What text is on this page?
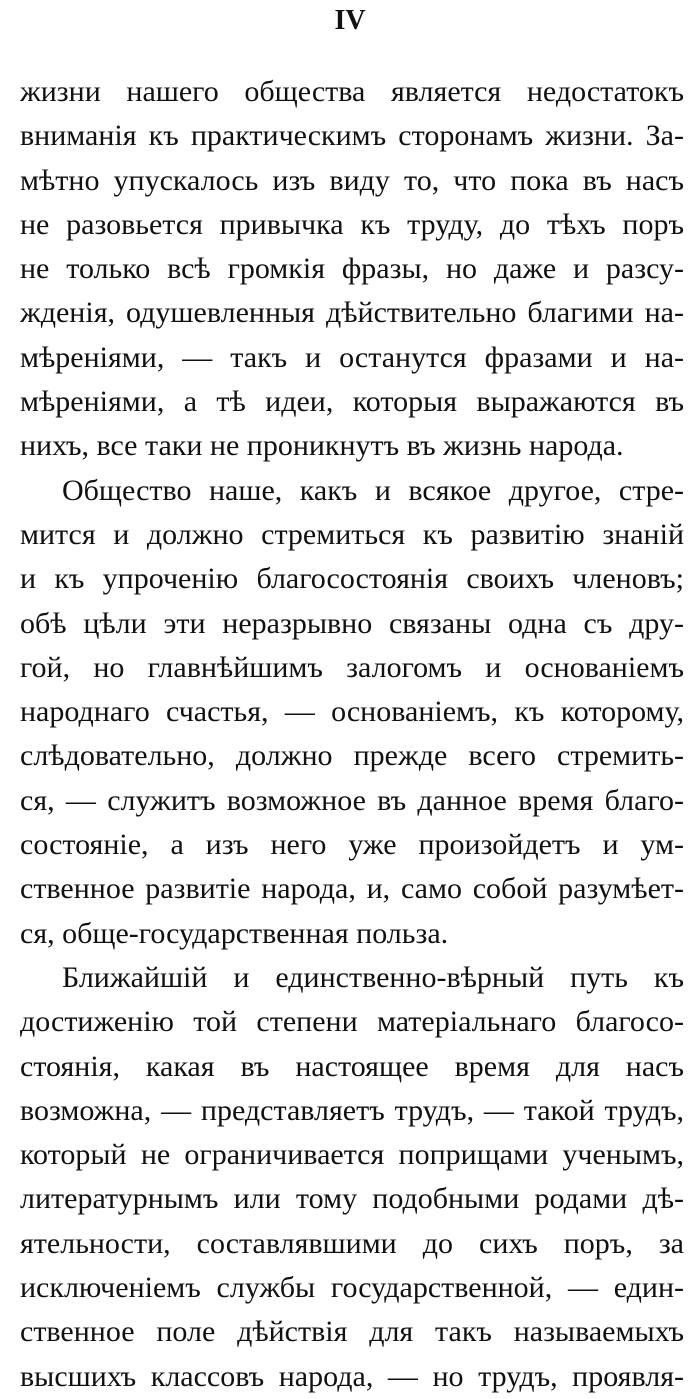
IV
жизни нашего общества является недостатокъ
вниманія къ практическимъ сторонамъ жизни. За-
мѣтно упускалось изъ виду то, что пока въ насъ
не разовьется привычка къ труду, до тѣхъ поръ
не только всѣ громкія фразы, но даже и разсу-
жденія, одушевленныя дѣйствительно благими на-
мѣреніями, — такъ и останутся фразами и на-
мѣреніями, а тѣ идеи, которыя выражаются въ
нихъ, все таки не проникнутъ въ жизнь народа.
Общество наше, какъ и всякое другое, стре-
мится и должно стремиться къ развитію знаній
и къ упроченію благосостоянія своихъ членовъ;
обѣ цѣли эти неразрывно связаны одна съ дру-
гой, но главнѣйшимъ залогомъ и основаніемъ
народнаго счастья, — основаніемъ, къ которому,
слѣдовательно, должно прежде всего стремить-
ся, — служитъ возможное въ данное время благо-
состояніе, а изъ него уже произойдетъ и ум-
ственное развитіе народа, и, само собой разумѣет-
ся, обще-государственная польза.
Ближайшій и единственно-вѣрный путь къ
достиженію той степени матеріальнаго благосо-
стоянія, какая въ настоящее время для насъ
возможна, — представляетъ трудъ, — такой трудъ,
который не ограничивается поприщами ученымъ,
литературнымъ или тому подобными родами дѣ-
ятельности, составлявшими до сихъ поръ, за
исключеніемъ службы государственной, — един-
ственное поле дѣйствія для такъ называемыхъ
высшихъ классовъ народа, — но трудъ, проявля-
